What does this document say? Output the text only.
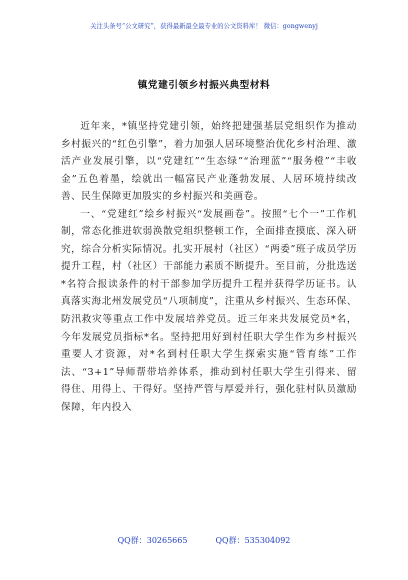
关注头条号“公文研究”，获得最新最全最专业的公文资料库！ 微信：gongwenyj
镇党建引领乡村振兴典型材料

近年来，*镇坚持党建引领，始终把建强基层党组织作为推动乡村振兴的“红色引擎”，着力加强人居环境整治优化乡村治理、激活产业发展引擎，以“党建红”“生态绿”“治理蓝”“服务橙”“丰收金”五色着墨，绘就出一幅富民产业蓬勃发展、人居环境持续改善、民生保障更加殷实的乡村振兴和美画卷。

一、“党建红”绘乡村振兴“发展画卷”。按照“七个一”工作机制，常态化推进软弱涣散党组织整顿工作，全面排查摸底、深入研究，综合分析实际情况。扎实开展村（社区）“两委”班子成员学历提升工程，村（社区）干部能力素质不断提升。至目前，分批选送*名符合报读条件的村干部参加学历提升工程并获得学历证书。认真落实海北州发展党员“八项制度”，注重从乡村振兴、生态环保、防汛救灾等重点工作中发展培养党员。近三年来共发展党员*名，今年发展党员指标*名。坚持把用好到村任职大学生作为乡村振兴重要人才资源，对*名到村任职大学生探索实施“管育练”工作法、“3+1”导师帮带培养体系，推动到村任职大学生引得来、留得住、用得上、干得好。坚持严管与厚爱并行，强化驻村队员激励保障，年内投入

QQ群：30265665	QQ群：535304092
